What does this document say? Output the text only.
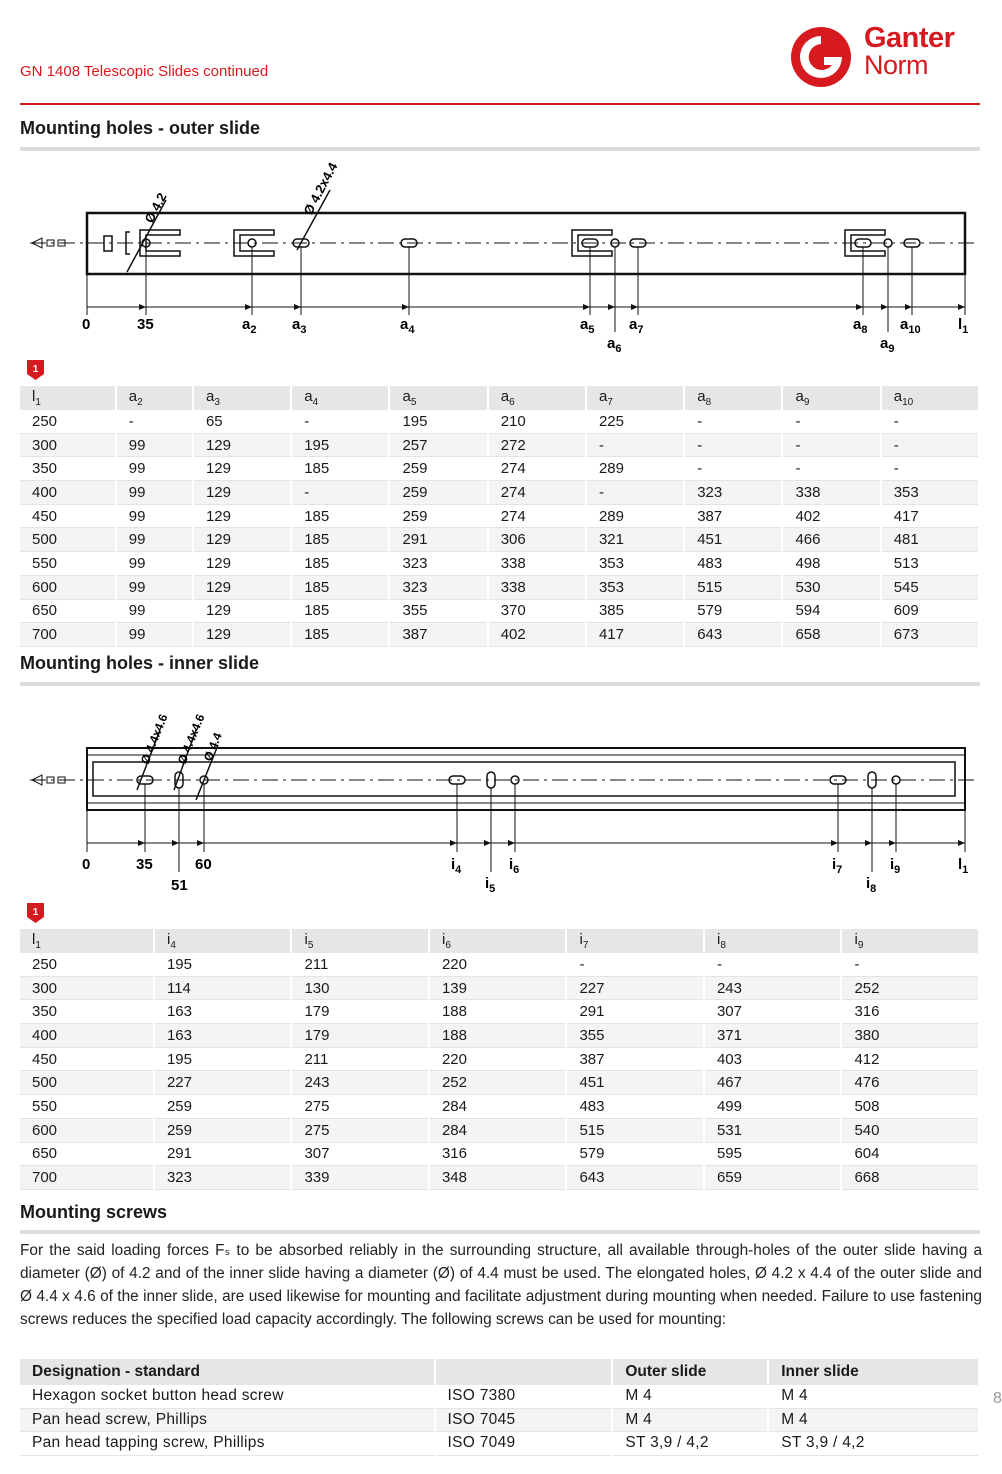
GN 1408 Telescopic Slides continued
Ganter
Norm
Mounting holes - outer slide
Ø 4.2	Ø 4.2x4.4
0	35	$a_2$ $a_3$	$a_4$	$a_5$
$a_6$
$a_7$	$a_8$
$a_9$
$a_{10}$ $l_1$
1
$l_1$	$a_2$	$a_3$	$a_4$	$a_5$	$a_6$	$a_7$	$a_8$	$a_9$	$a_{10}$
250	-	65	-	195	210	225	-	-	-
300	99	129	195	257	272	-	-	-	-
350	99	129	185	259	274	289	-	-	-
400	99	129	-	259	274	-	323	338	353
450	99	129	185	259	274	289	387	402	417
500	99	129	185	291	306	321	451	466	481
550	99	129	185	323	338	353	483	498	513
600	99	129	185	323	338	353	515	530	545
650	99	129	185	355	370	385	579	594	609
700	99	129	185	387	402	417	643	658	673
Mounting holes - inner slide
Ø 4.4x4.6 Ø 4.4x4.6
Ø 4.4
0	35
51
60	$i_4$
$i_5$
$i_6$	$i_7$
$i_8$
$i_9$	$l_1$
1
$l_1$	$i_4$	$i_5$	$i_6$	$i_7$	$i_8$	$i_9$
250	195	211	220	-	-	-
300	114	130	139	227	243	252
350	163	179	188	291	307	316
400	163	179	188	355	371	380
450	195	211	220	387	403	412
500	227	243	252	451	467	476
550	259	275	284	483	499	508
600	259	275	284	515	531	540
650	291	307	316	579	595	604
700	323	339	348	643	659	668
Mounting screws
For the said loading forces Fₛ to be absorbed reliably in the surrounding structure, all available through-holes of the outer slide having a diameter (Ø) of 4.2 and of the inner slide having a diameter (Ø) of 4.4 must be used. The elongated holes, Ø 4.2 x 4.4 of the outer slide and Ø 4.4 x 4.6 of the inner slide, are used likewise for mounting and facilitate adjustment during mounting when needed. Failure to use fastening screws reduces the specified load capacity accordingly. The following screws can be used for mounting:
Designation - standard		Outer slide	Inner slide
Hexagon socket button head screw	ISO 7380	M 4	M 4
Pan head screw, Phillips	ISO 7045	M 4	M 4
Pan head tapping screw, Phillips	ISO 7049	ST 3,9 / 4,2	ST 3,9 / 4,2
8
